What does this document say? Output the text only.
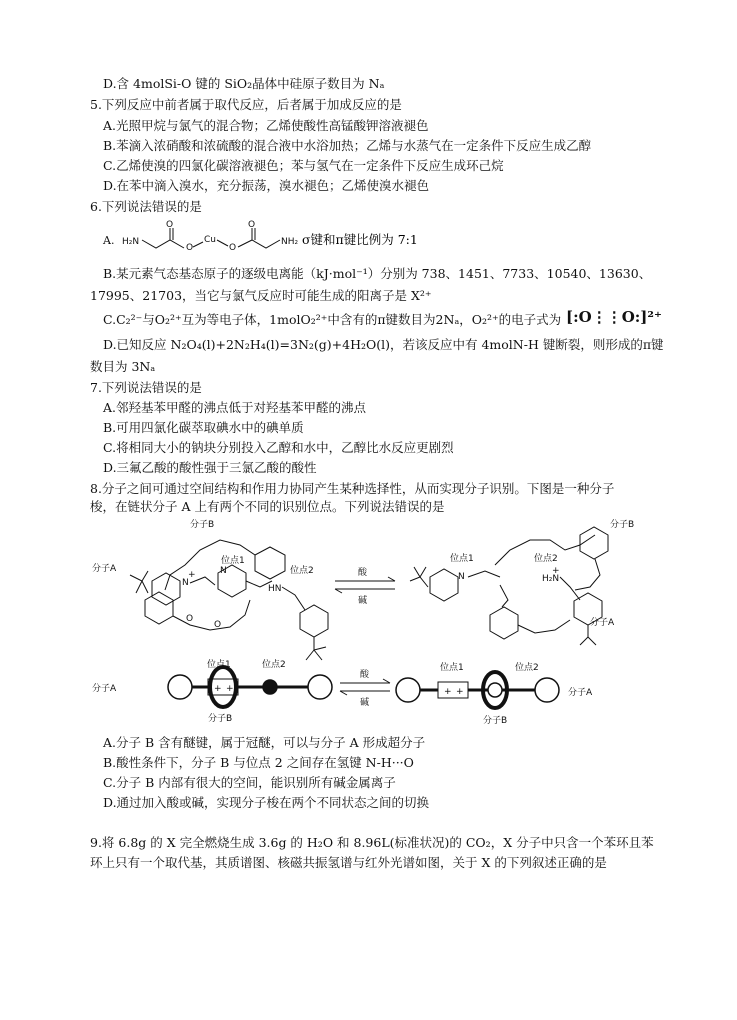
D.含 4molSi-O 键的 SiO₂晶体中硅原子数目为 Nₐ
5.下列反应中前者属于取代反应，后者属于加成反应的是
A.光照甲烷与氯气的混合物；乙烯使酸性高锰酸钾溶液褪色
B.苯滴入浓硝酸和浓硫酸的混合液中水浴加热；乙烯与水蒸气在一定条件下反应生成乙醇
C.乙烯使溴的四氯化碳溶液褪色；苯与氢气在一定条件下反应生成环己烷
D.在苯中滴入溴水，充分振荡，溴水褪色；乙烯使溴水褪色
6.下列说法错误的是
A. H₂N
O
O
Cu
O
O
NH₂ σ键和π键比例为 7:1
B.某元素气态基态原子的逐级电离能（kJ·mol⁻¹）分别为 738、1451、7733、10540、13630、
17995、21703，当它与氯气反应时可能生成的阳离子是 X²⁺
C.C₂²⁻与O₂²⁺互为等电子体，1molO₂²⁺中含有的π键数目为2Nₐ，O₂²⁺的电子式为 [:O⋮⋮O:]²⁺
D.已知反应 N₂O₄(l)+2N₂H₄(l)=3N₂(g)+4H₂O(l)，若该反应中有 4molN-H 键断裂，则形成的π键
数目为 3Nₐ
7.下列说法错误的是
A.邻羟基苯甲醛的沸点低于对羟基苯甲醛的沸点
B.可用四氯化碳萃取碘水中的碘单质
C.将相同大小的钠块分别投入乙醇和水中，乙醇比水反应更剧烈
D.三氟乙酸的酸性强于三氯乙酸的酸性
8.分子之间可通过空间结构和作用力协同产生某种选择性，从而实现分子识别。下图是一种分子
梭，在链状分子 A 上有两个不同的识别位点。下列说法错误的是
分子B
分子A
N
+	N
位点1
HN
位点2
O
O
酸
碱
分子B
分子A
N
位点1	位点2
H₂N
+
分子A	+ +
位点1	位点2
分子B
酸
碱
+ +
位点1	位点2
分子A
分子B
A.分子 B 含有醚键，属于冠醚，可以与分子 A 形成超分子
B.酸性条件下，分子 B 与位点 2 之间存在氢键 N-H···O
C.分子 B 内部有很大的空间，能识别所有碱金属离子
D.通过加入酸或碱，实现分子梭在两个不同状态之间的切换
9.将 6.8g 的 X 完全燃烧生成 3.6g 的 H₂O 和 8.96L(标准状况)的 CO₂，X 分子中只含一个苯环且苯
环上只有一个取代基，其质谱图、核磁共振氢谱与红外光谱如图，关于 X 的下列叙述正确的是
